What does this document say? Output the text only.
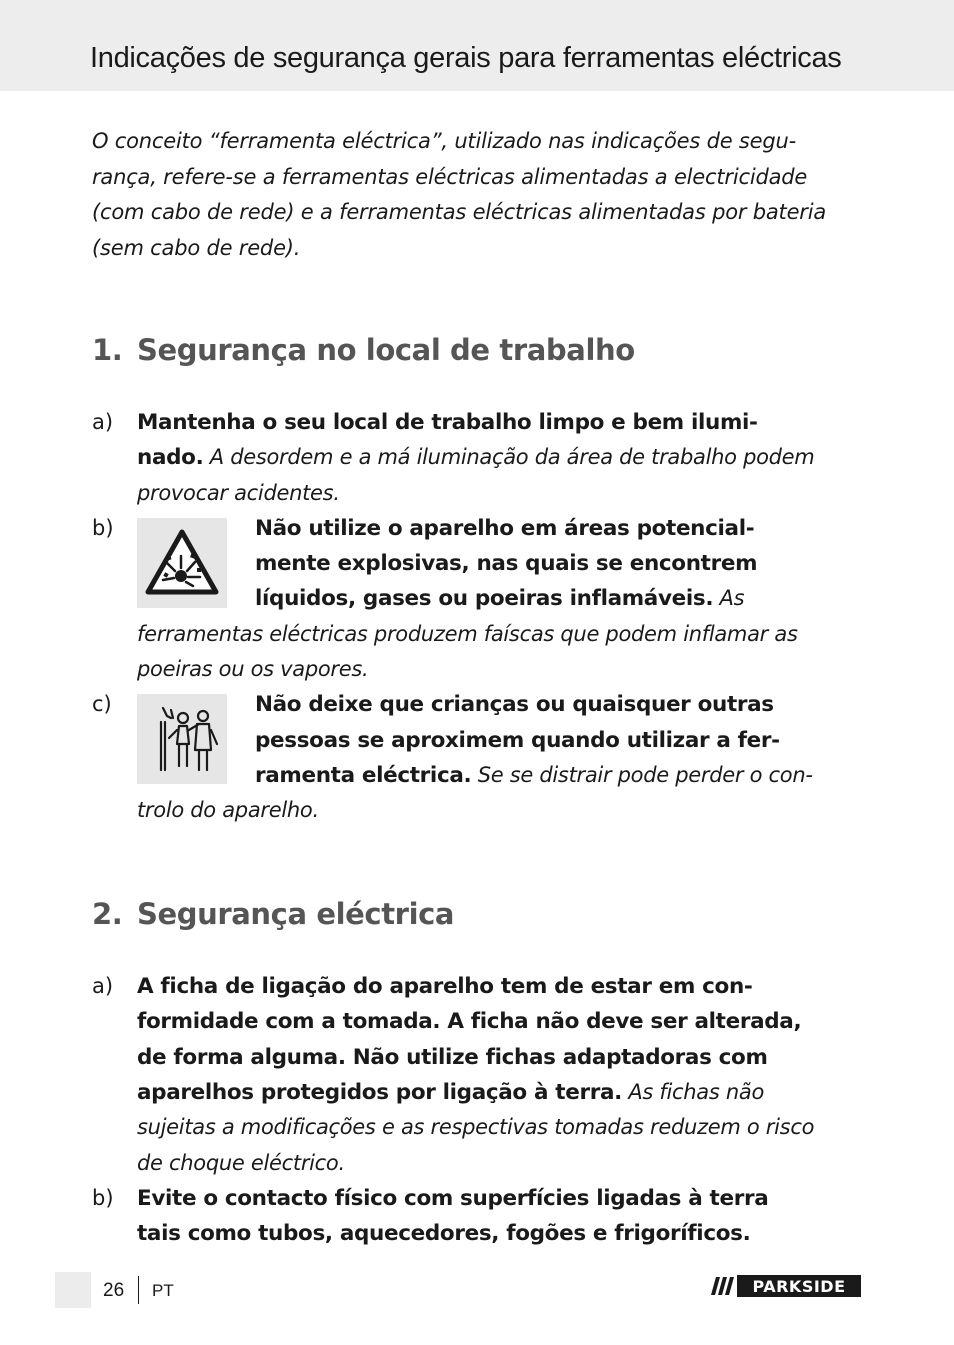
Indicações de segurança gerais para ferramentas eléctricas
O conceito “ferramenta eléctrica”, utilizado nas indicações de segu-
rança, refere-se a ferramentas eléctricas alimentadas a electricidade
(com cabo de rede) e a ferramentas eléctricas alimentadas por bateria
(sem cabo de rede).
1. Segurança no local de trabalho
a) Mantenha o seu local de trabalho limpo e bem ilumi-
nado. A desordem e a má iluminação da área de trabalho podem
provocar acidentes.
b)	Não utilize o aparelho em áreas potencial-
mente explosivas, nas quais se encontrem
líquidos, gases ou poeiras inflamáveis. As
ferramentas eléctricas produzem faíscas que podem inflamar as
poeiras ou os vapores.
c)	Não deixe que crianças ou quaisquer outras
pessoas se aproximem quando utilizar a fer-
ramenta eléctrica. Se se distrair pode perder o con-
trolo do aparelho.
2. Segurança eléctrica
a) A ficha de ligação do aparelho tem de estar em con-
formidade com a tomada. A ficha não deve ser alterada,
de forma alguma. Não utilize fichas adaptadoras com
aparelhos protegidos por ligação à terra. As fichas não
sujeitas a modificações e as respectivas tomadas reduzem o risco
de choque eléctrico.
b) Evite o contacto físico com superfícies ligadas à terra
tais como tubos, aquecedores, fogões e frigoríficos.
26 PT	PARKSIDE
